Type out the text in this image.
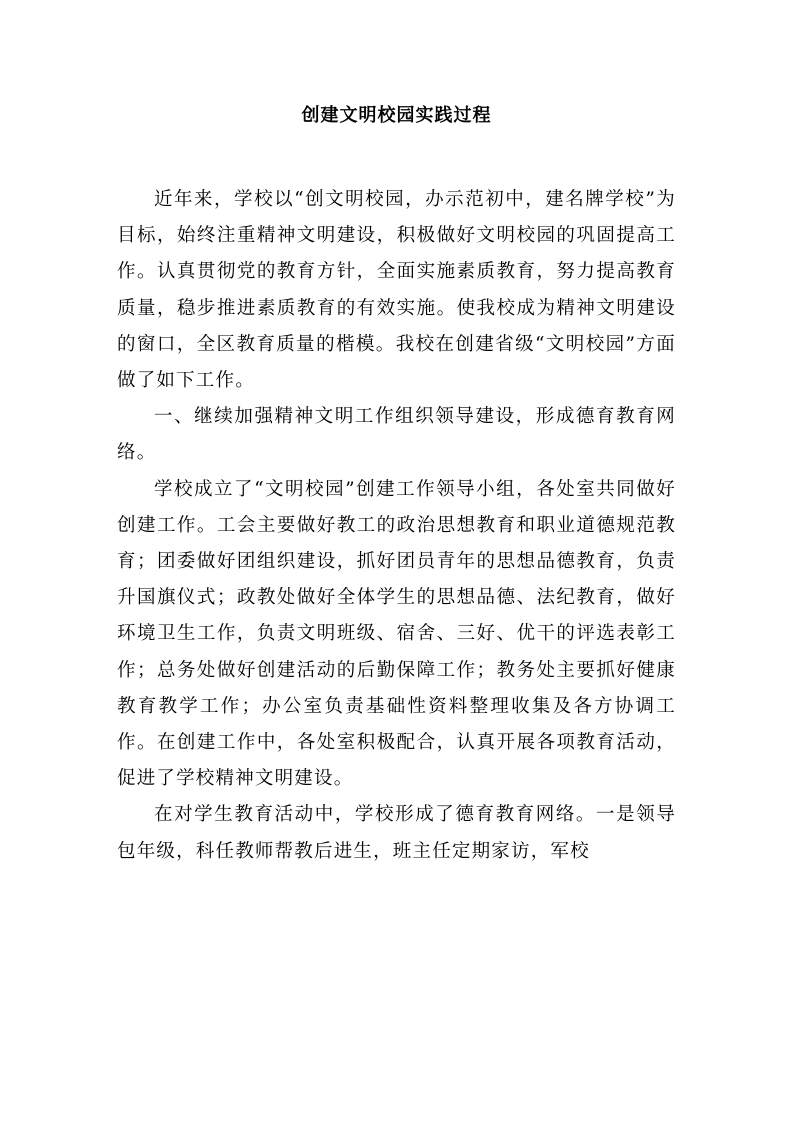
创建文明校园实践过程

近年来，学校以“创文明校园，办示范初中，建名牌学校”为目标，始终注重精神文明建设，积极做好文明校园的巩固提高工作。认真贯彻党的教育方针，全面实施素质教育，努力提高教育质量，稳步推进素质教育的有效实施。使我校成为精神文明建设的窗口，全区教育质量的楷模。我校在创建省级“文明校园”方面做了如下工作。

一、继续加强精神文明工作组织领导建设，形成德育教育网络。

学校成立了“文明校园”创建工作领导小组，各处室共同做好创建工作。工会主要做好教工的政治思想教育和职业道德规范教育；团委做好团组织建设，抓好团员青年的思想品德教育，负责升国旗仪式；政教处做好全体学生的思想品德、法纪教育，做好环境卫生工作，负责文明班级、宿舍、三好、优干的评选表彰工作；总务处做好创建活动的后勤保障工作；教务处主要抓好健康教育教学工作；办公室负责基础性资料整理收集及各方协调工作。在创建工作中，各处室积极配合，认真开展各项教育活动，促进了学校精神文明建设。

在对学生教育活动中，学校形成了德育教育网络。一是领导包年级，科任教师帮教后进生，班主任定期家访，军校
